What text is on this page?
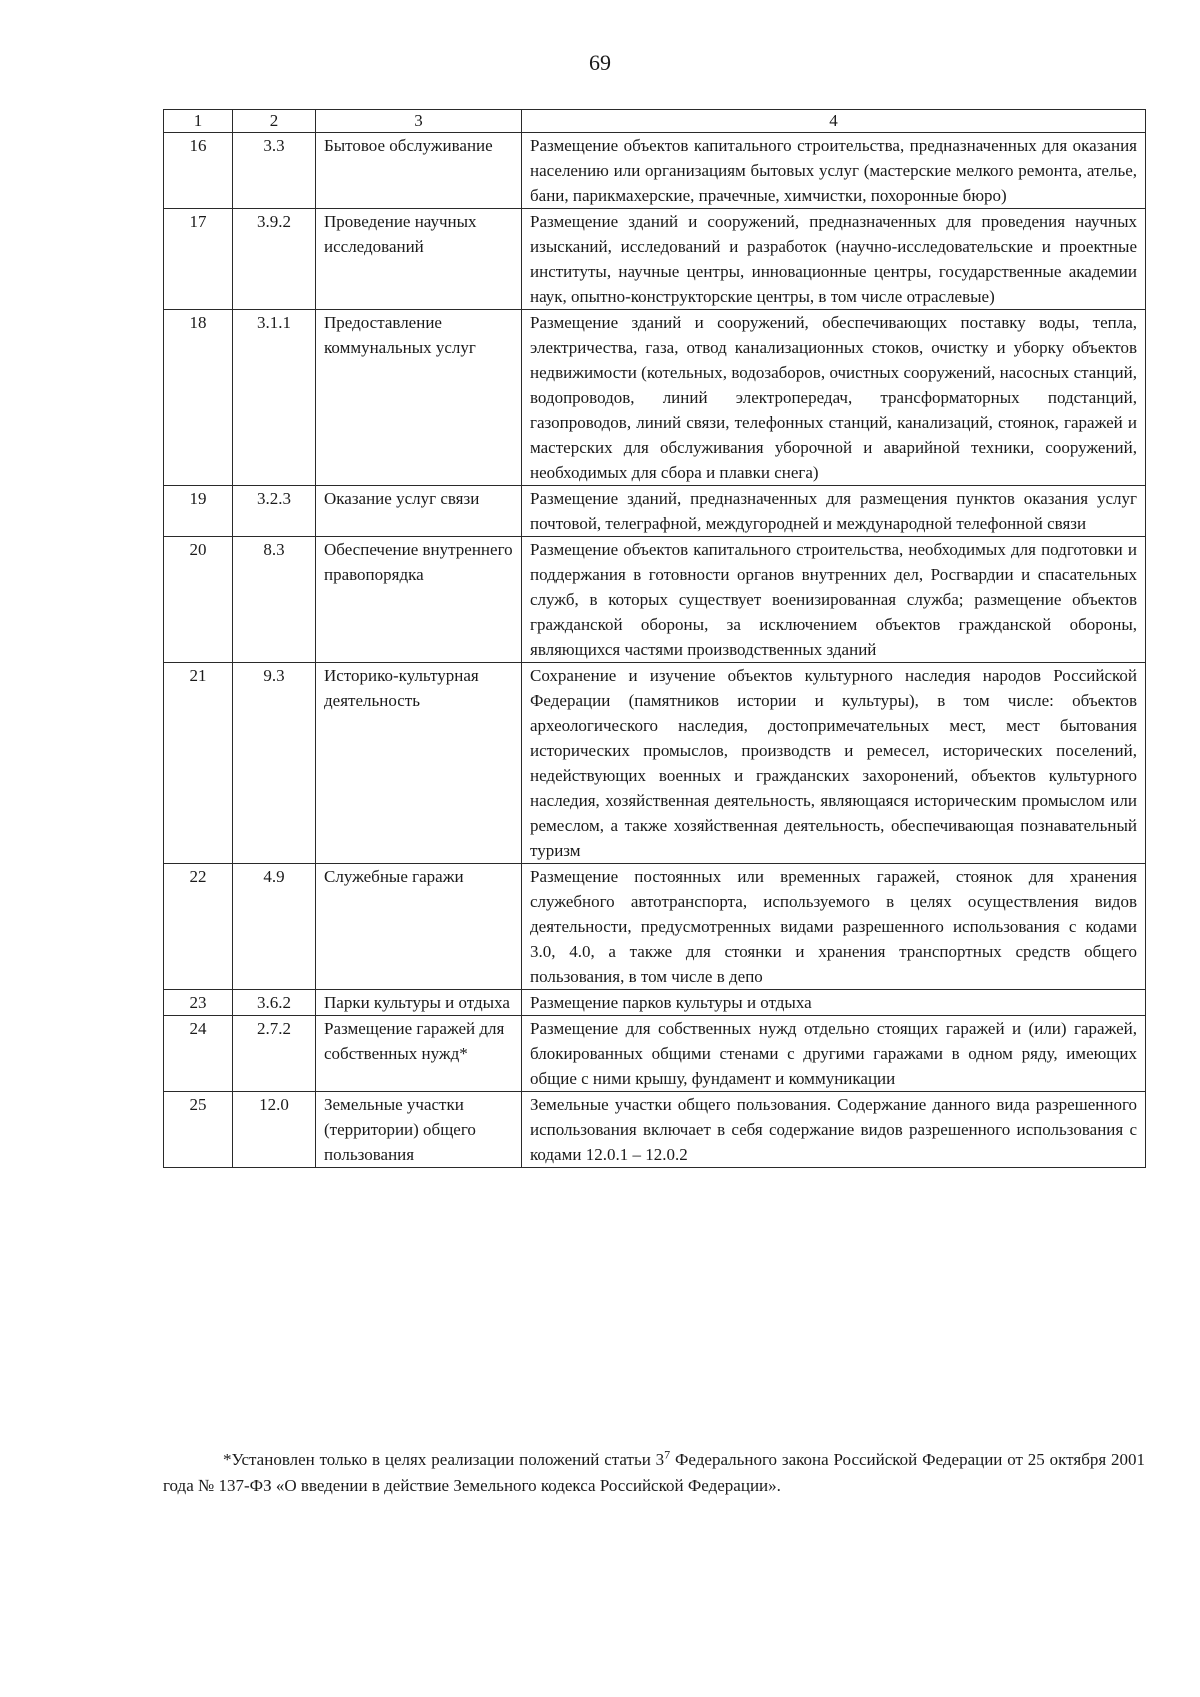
69
1	2	3	4
16	3.3	Бытовое обслуживание	Размещение объектов капитального строительства, предназначенных для оказания населению или организациям бытовых услуг (мастерские мелкого ремонта, ателье, бани, парикмахерские, прачечные, химчистки, похоронные бюро)
17	3.9.2	Проведение научных исследований	Размещение зданий и сооружений, предназначенных для проведения научных изысканий, исследований и разработок (научно-исследовательские и проектные институты, научные центры, инновационные центры, государственные академии наук, опытно-конструкторские центры, в том числе отраслевые)
18	3.1.1	Предоставление коммунальных услуг	Размещение зданий и сооружений, обеспечивающих поставку воды, тепла, электричества, газа, отвод канализационных стоков, очистку и уборку объектов недвижимости (котельных, водозаборов, очистных сооружений, насосных станций, водопроводов, линий электропередач, трансформаторных подстанций, газопроводов, линий связи, телефонных станций, канализаций, стоянок, гаражей и мастерских для обслуживания уборочной и аварийной техники, сооружений, необходимых для сбора и плавки снега)
19	3.2.3	Оказание услуг связи	Размещение зданий, предназначенных для размещения пунктов оказания услуг почтовой, телеграфной, междугородней и международной телефонной связи
20	8.3	Обеспечение внутреннего правопорядка	Размещение объектов капитального строительства, необходимых для подготовки и поддержания в готовности органов внутренних дел, Росгвардии и спасательных служб, в которых существует военизированная служба; размещение объектов гражданской обороны, за исключением объектов гражданской обороны, являющихся частями производственных зданий
21	9.3	Историко-культурная деятельность	Сохранение и изучение объектов культурного наследия народов Российской Федерации (памятников истории и культуры), в том числе: объектов археологического наследия, достопримечательных мест, мест бытования исторических промыслов, производств и ремесел, исторических поселений, недействующих военных и гражданских захоронений, объектов культурного наследия, хозяйственная деятельность, являющаяся историческим промыслом или ремеслом, а также хозяйственная деятельность, обеспечивающая познавательный туризм
22	4.9	Служебные гаражи	Размещение постоянных или временных гаражей, стоянок для хранения служебного автотранспорта, используемого в целях осуществления видов деятельности, предусмотренных видами разрешенного использования с кодами 3.0, 4.0, а также для стоянки и хранения транспортных средств общего пользования, в том числе в депо
23	3.6.2	Парки культуры и отдыха	Размещение парков культуры и отдыха
24	2.7.2	Размещение гаражей для собственных нужд*	Размещение для собственных нужд отдельно стоящих гаражей и (или) гаражей, блокированных общими стенами с другими гаражами в одном ряду, имеющих общие с ними крышу, фундамент и коммуникации
25	12.0	Земельные участки (территории) общего пользования	Земельные участки общего пользования. Содержание данного вида разрешенного использования включает в себя содержание видов разрешенного использования с кодами 12.0.1 – 12.0.2

*Установлен только в целях реализации положений статьи $3^7$ Федерального закона Российской Федерации от 25 октября 2001 года № 137-ФЗ «О введении в действие Земельного кодекса Российской Федерации».
